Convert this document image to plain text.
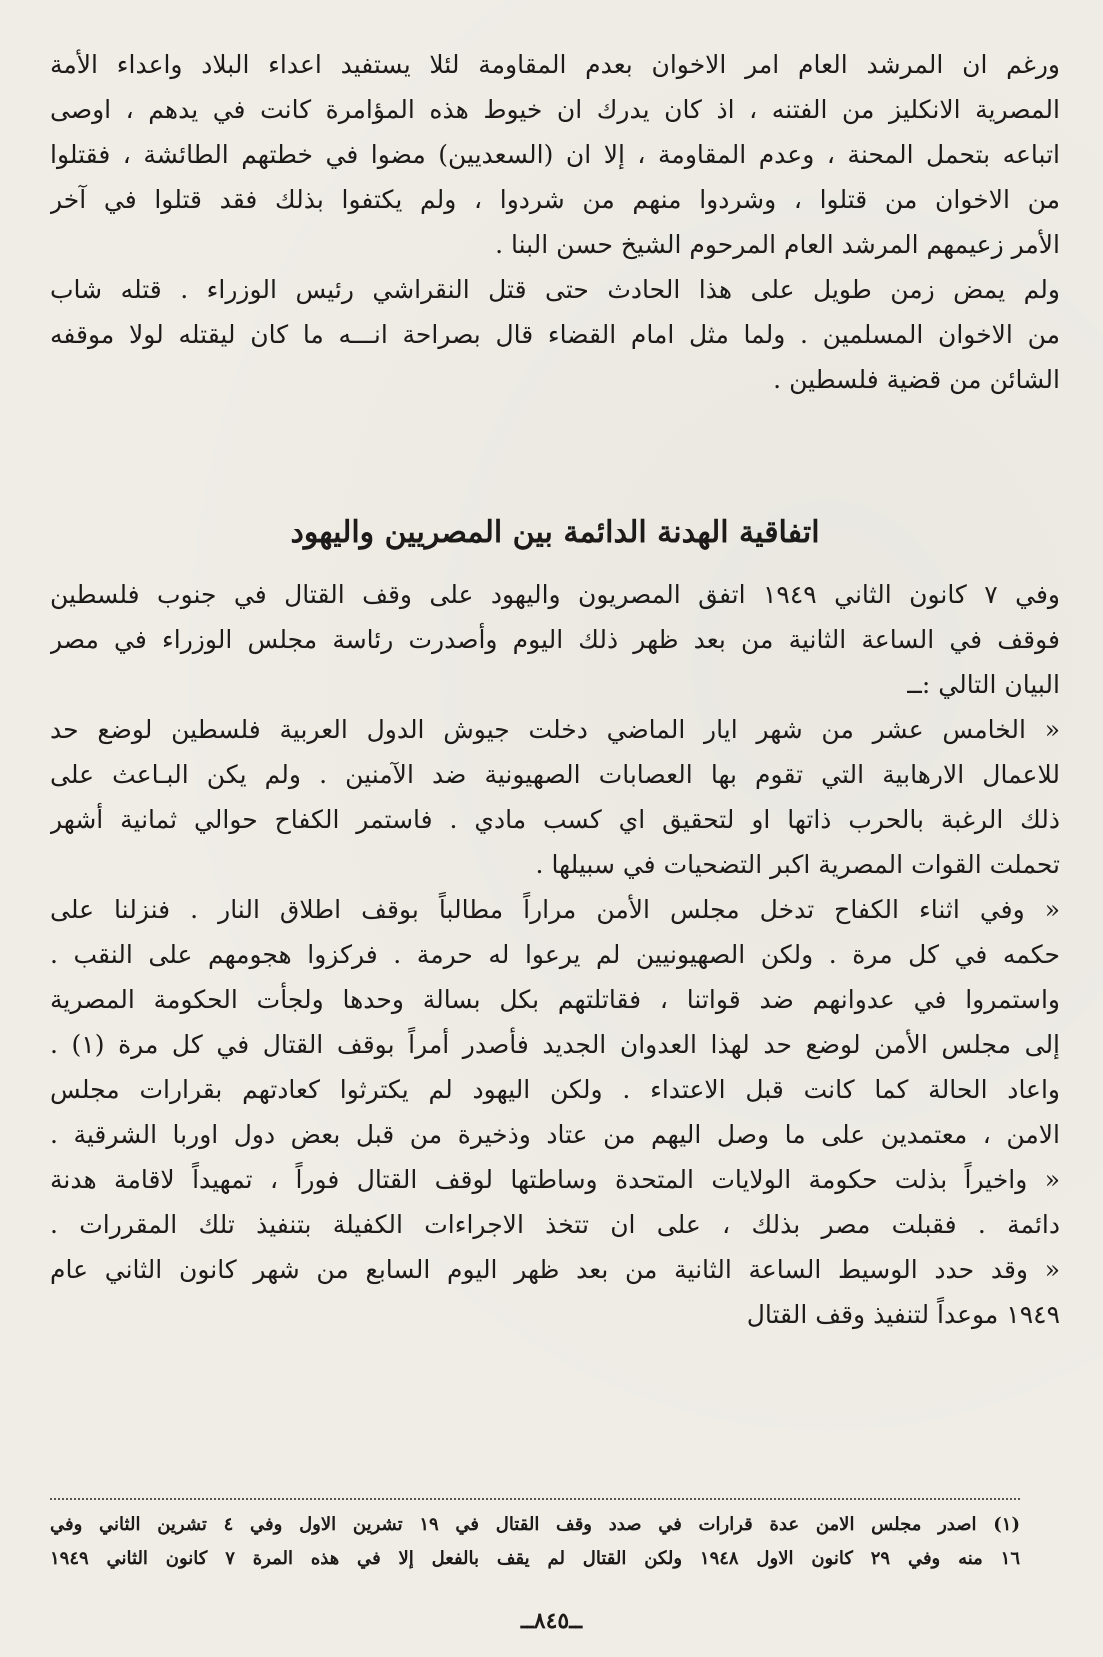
ورغم ان المرشد العام امر الاخوان بعدم المقاومة لئلا يستفيد اعداء البلاد واعداء الأمة
المصرية الانكليز من الفتنه ، اذ كان يدرك ان خيوط هذه المؤامرة كانت في يدهم ، اوصى
اتباعه بتحمل المحنة ، وعدم المقاومة ، إلا ان (السعديين) مضوا في خطتهم الطائشة ، فقتلوا
من الاخوان من قتلوا ، وشردوا منهم من شردوا ، ولم يكتفوا بذلك فقد قتلوا في آخر
الأمر زعيمهم المرشد العام المرحوم الشيخ حسن البنا .
ولم يمض زمن طويل على هذا الحادث حتى قتل النقراشي رئيس الوزراء . قتله شاب
من الاخوان المسلمين . ولما مثل امام القضاء قال بصراحة انـــه ما كان ليقتله لولا موقفه
الشائن من قضية فلسطين .
اتفاقية الهدنة الدائمة بين المصريين واليهود
وفي ٧ كانون الثاني ١٩٤٩ اتفق المصريون واليهود على وقف القتال في جنوب فلسطين
فوقف في الساعة الثانية من بعد ظهر ذلك اليوم وأصدرت رئاسة مجلس الوزراء في مصر
البيان التالي :ــ
« الخامس عشر من شهر ايار الماضي دخلت جيوش الدول العربية فلسطين لوضع حد
للاعمال الارهابية التي تقوم بها العصابات الصهيونية ضد الآمنين . ولم يكن البـاعث على
ذلك الرغبة بالحرب ذاتها او لتحقيق اي كسب مادي . فاستمر الكفاح حوالي ثمانية أشهر
تحملت القوات المصرية اكبر التضحيات في سبيلها .
« وفي اثناء الكفاح تدخل مجلس الأمن مراراً مطالباً بوقف اطلاق النار . فنزلنا على
حكمه في كل مرة . ولكن الصهيونيين لم يرعوا له حرمة . فركزوا هجومهم على النقب .
واستمروا في عدوانهم ضد قواتنا ، فقاتلتهم بكل بسالة وحدها ولجأت الحكومة المصرية
إلى مجلس الأمن لوضع حد لهذا العدوان الجديد فأصدر أمراً بوقف القتال في كل مرة (١) .
واعاد الحالة كما كانت قبل الاعتداء . ولكن اليهود لم يكترثوا كعادتهم بقرارات مجلس
الامن ، معتمدين على ما وصل اليهم من عتاد وذخيرة من قبل بعض دول اوربا الشرقية .
« واخيراً بذلت حكومة الولايات المتحدة وساطتها لوقف القتال فوراً ، تمهيداً لاقامة هدنة
دائمة . فقبلت مصر بذلك ، على ان تتخذ الاجراءات الكفيلة بتنفيذ تلك المقررات .
« وقد حدد الوسيط الساعة الثانية من بعد ظهر اليوم السابع من شهر كانون الثاني عام
١٩٤٩ موعداً لتنفيذ وقف القتال
(١) اصدر مجلس الامن عدة قرارات في صدد وقف القتال في ١٩ تشرين الاول وفي ٤ تشرين الثاني وفي
١٦ منه وفي ٢٩ كانون الاول ١٩٤٨ ولكن القتال لم يقف بالفعل إلا في هذه المرة ٧ كانون الثاني ١٩٤٩
ــ٨٤٥ــ
